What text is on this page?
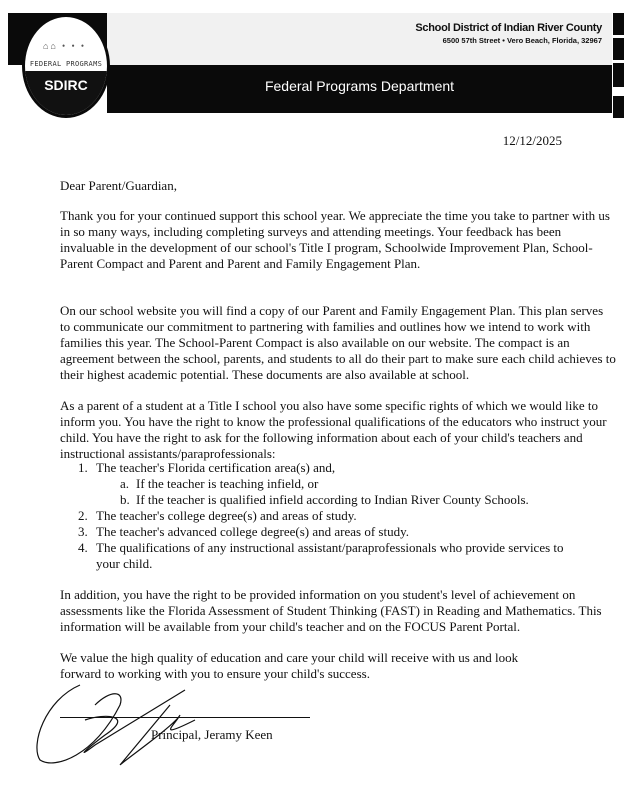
⌂⌂ • • •
FEDERAL PROGRAMS
SDIRC
School District of Indian River County
6500 57th Street • Vero Beach, Florida, 32967
Federal Programs Department
12/12/2025
Dear Parent/Guardian,
Thank you for your continued support this school year. We appreciate the time you take to partner with us in so many ways, including completing surveys and attending meetings. Your feedback has been invaluable in the development of our school's Title I program, Schoolwide Improvement Plan, School-Parent Compact and Parent and Parent and Family Engagement Plan.
On our school website you will find a copy of our Parent and Family Engagement Plan. This plan serves to communicate our commitment to partnering with families and outlines how we intend to work with families this year. The School-Parent Compact is also available on our website. The compact is an agreement between the school, parents, and students to all do their part to make sure each child achieves to their highest academic potential. These documents are also available at school.
As a parent of a student at a Title I school you also have some specific rights of which we would like to inform you. You have the right to know the professional qualifications of the educators who instruct your child. You have the right to ask for the following information about each of your child's teachers and instructional assistants/paraprofessionals:
1. The teacher's Florida certification area(s) and,
a. If the teacher is teaching infield, or
b. If the teacher is qualified infield according to Indian River County Schools.
2. The teacher's college degree(s) and areas of study.
3. The teacher's advanced college degree(s) and areas of study.
4. The qualifications of any instructional assistant/paraprofessionals who provide services to your child.
In addition, you have the right to be provided information on you student's level of achievement on assessments like the Florida Assessment of Student Thinking (FAST) in Reading and Mathematics. This information will be available from your child's teacher and on the FOCUS Parent Portal.
We value the high quality of education and care your child will receive with us and look forward to working with you to ensure your child's success.
Principal, Jeramy Keen
